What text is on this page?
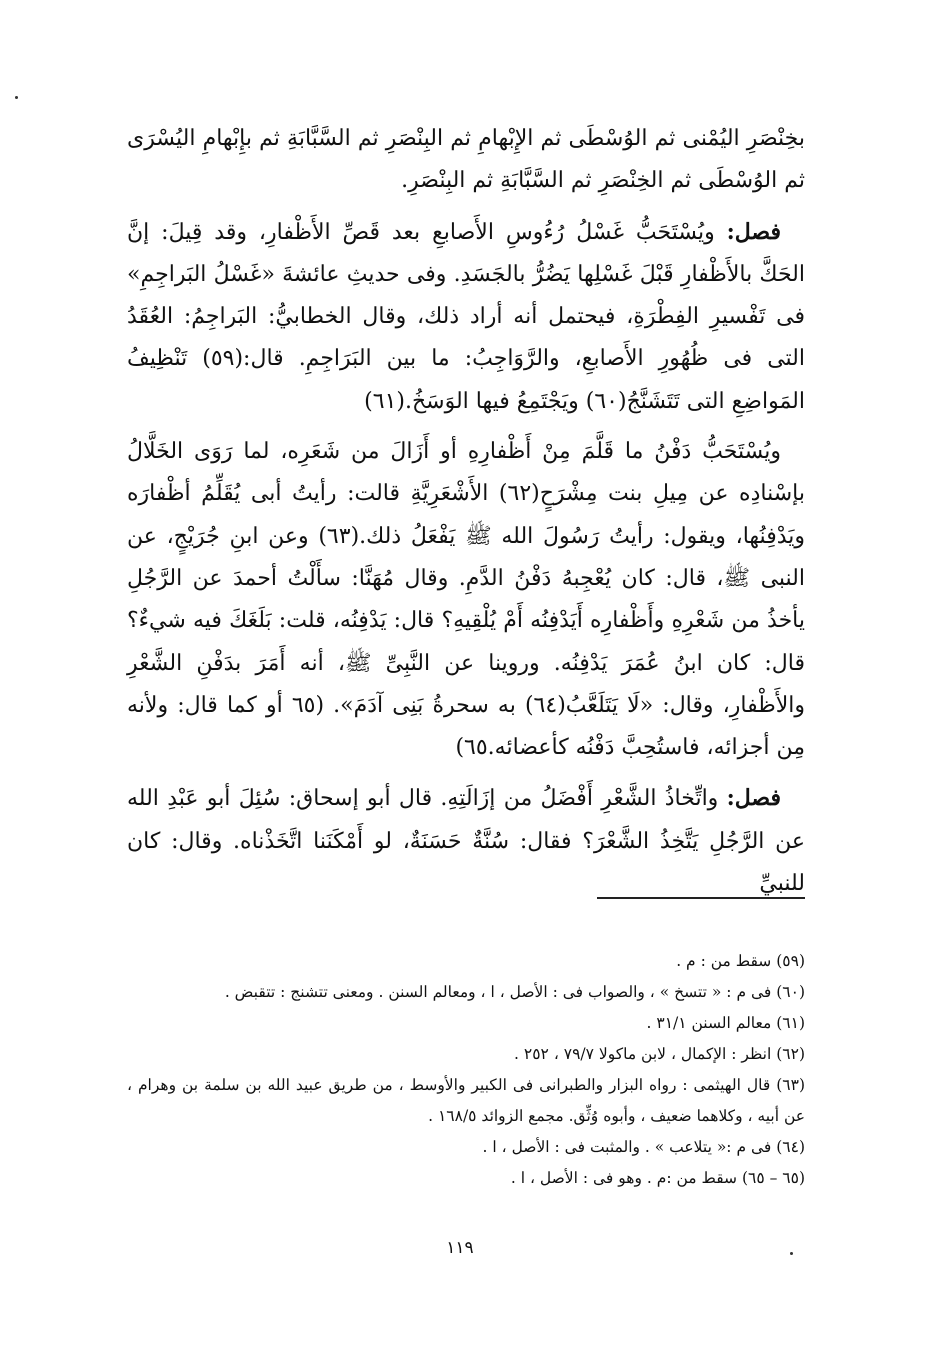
بخِنْصَرِ اليُمْنى ثم الوُسْطَى ثم الإِبْهامِ ثم البِنْصَرِ ثم السَّبَّابَةِ ثم بإِبْهامِ اليُسْرَى ثم الوُسْطَى ثم الخِنْصَرِ ثم السَّبَّابَةِ ثم البِنْصَرِ.

فصل: ويُسْتَحَبُّ غَسْلُ رُءُوسِ الأَصابعِ بعد قَصِّ الأَظْفارِ، وقد قِيلَ: إنَّ الحَكَّ بالأَظْفارِ قَبْلَ غَسْلِها يَضُرُّ بالجَسَدِ. وفى حديثِ عائشةَ «غَسْلُ البَراجِمِ» فى تَفْسيرِ الفِطْرَةِ، فيحتمل أنه أراد ذلك، وقال الخطابيُّ: البَراجِمُ: العُقَدُ التى فى ظُهُورِ الأَصابعِ، والرَّوَاجِبُ: ما بين البَرَاجِمِ. قال:(٥٩) تَنْظِيفُ المَواضِعِ التى تَتَشَنَّجُ(٦٠) ويَجْتَمِعُ فيها الوَسَخُ.(٦١)

ويُسْتَحَبُّ دَفْنُ ما قَلَّمَ مِنْ أَظْفارِهِ أو أَزَالَ من شَعَرِه، لما رَوَى الخَلَّالُ بإسْنادِه عن مِيلِ بنت مِشْرَحٍ(٦٢) الأَشْعَرِيَّةِ قالت: رأيتُ أبى يُقَلِّمُ أظْفارَه ويَدْفِنُها، ويقول: رأيتُ رَسُولَ الله ﷺ يَفْعَلُ ذلك.(٦٣) وعن ابنِ جُرَيْجٍ، عن النبى ﷺ، قال: كان يُعْجِبهُ دَفْنُ الدَّمِ. وقال مُهَنَّا: سأَلْتُ أحمدَ عن الرَّجُلِ يأخذُ من شَعْرِهِ وأَظْفارِه أَيَدْفِنُه أَمْ يُلْقِيهِ؟ قال: يَدْفِنُه، قلت: بَلَغَكَ فيه شيءٌ؟ قال: كان ابنُ عُمَرَ يَدْفِنُه. وروينا عن النَّبِىِّ ﷺ، أنه أَمَرَ بدَفْنِ الشَّعْرِ والأَظْفارِ، وقال: «لَا يَتَلَعَّبُ(٦٤) به سحرةُ بَنِى آدَمَ». (٦٥ أو كما قال: ولأنه مِن أجزائه، فاستُحِبَّ دَفْنُه كأعضائه.٦٥)

فصل: واتِّخاذُ الشَّعْرِ أَفْضَلُ من إزَالَتِهِ. قال أبو إسحاق: سُئِلَ أبو عَبْدِ الله عن الرَّجُلِ يَتَّخِذُ الشَّعْرَ؟ فقال: سُنَّةٌ حَسَنَةٌ، لو أَمْكَنَنا اتَّخَذْناه. وقال: كان للنبيِّ

(٥٩) سقط من : م .

(٦٠) فى م : « تتسخ » ، والصواب فى : الأصل ، ا ، ومعالم السنن . ومعنى تتشنج : تتقبض .

(٦١) معالم السنن ٣١/١ .

(٦٢) انظر : الإكمال ، لابن ماكولا ٧٩/٧ ، ٢٥٢ .

(٦٣) قال الهيثمى : رواه البزار والطبرانى فى الكبير والأوسط ، من طريق عبيد الله بن سلمة بن وهرام ، عن أبيه ، وكلاهما ضعيف ، وأبوه وُثِّق. مجمع الزوائد ١٦٨/٥ .

(٦٤) فى م :« يتلاعب » . والمثبت فى : الأصل ، ا .

(٦٥ – ٦٥) سقط من :م . وهو فى : الأصل ، ا .

١١٩
